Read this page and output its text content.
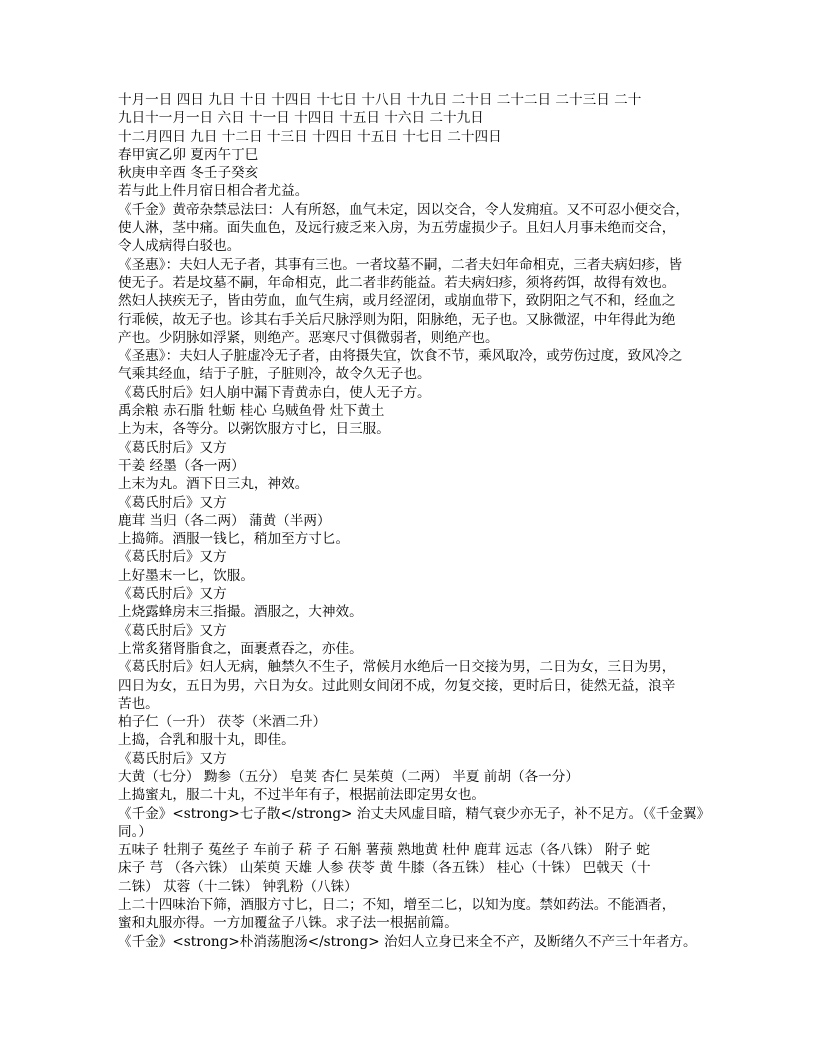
十月一日 四日 九日 十日 十四日 十七日 十八日 十九日 二十日 二十二日 二十三日 二十
九日十一月一日 六日 十一日 十四日 十五日 十六日 二十九日
十二月四日 九日 十二日 十三日 十四日 十五日 十七日 二十四日
春甲寅乙卯 夏丙午丁巳
秋庚申辛酉 冬壬子癸亥
若与此上件月宿日相合者尤益。
《千金》黄帝杂禁忌法曰：人有所怒，血气未定，因以交合，令人发痈疽。又不可忍小便交合，
使人淋，茎中痛。面失血色，及远行疲乏来入房，为五劳虚损少子。且妇人月事未绝而交合，
令人成病得白驳也。
《圣惠》：夫妇人无子者，其事有三也。一者坟墓不嗣，二者夫妇年命相克，三者夫病妇疹，皆
使无子。若是坟墓不嗣，年命相克，此二者非药能益。若夫病妇疹，须将药饵，故得有效也。
然妇人挟疾无子，皆由劳血，血气生病，或月经涩闭，或崩血带下，致阴阳之气不和，经血之
行乖候，故无子也。诊其右手关后尺脉浮则为阳，阳脉绝，无子也。又脉微涩，中年得此为绝
产也。少阴脉如浮紧，则绝产。恶寒尺寸俱微弱者，则绝产也。
《圣惠》：夫妇人子脏虚冷无子者，由将摄失宜，饮食不节，乘风取冷，或劳伤过度，致风冷之
气乘其经血，结于子脏，子脏则冷，故令久无子也。
《葛氏肘后》妇人崩中漏下青黄赤白，使人无子方。
禹余粮 赤石脂 牡蛎 桂心 乌贼鱼骨 灶下黄土
上为末，各等分。以粥饮服方寸匕，日三服。
《葛氏肘后》又方
干姜 经墨（各一两）
上末为丸。酒下日三丸，神效。
《葛氏肘后》又方
鹿茸 当归（各二两） 蒲黄（半两）
上捣筛。酒服一钱匕，稍加至方寸匕。
《葛氏肘后》又方
上好墨末一匕，饮服。
《葛氏肘后》又方
上烧露蜂房末三指撮。酒服之，大神效。
《葛氏肘后》又方
上常炙猪肾脂食之，面裹煮吞之，亦佳。
《葛氏肘后》妇人无病，触禁久不生子，常候月水绝后一日交接为男，二日为女，三日为男，
四日为女，五日为男，六日为女。过此则女间闭不成，勿复交接，更时后日，徒然无益，浪辛
苦也。
柏子仁（一升） 茯苓（米酒二升）
上捣，合乳和服十丸，即佳。
《葛氏肘后》又方
大黄（七分） 黝参（五分） 皂荚 杏仁 吴茱萸（二两） 半夏 前胡（各一分）
上捣蜜丸，服二十丸，不过半年有子，根据前法即定男女也。
《千金》<strong>七子散</strong> 治丈夫风虚目暗，精气衰少亦无子，补不足方。（《千金翼》
同。）
五味子 牡荆子 菟丝子 车前子 菥 子 石斛 薯蓣 熟地黄 杜仲 鹿茸 远志（各八铢） 附子 蛇
床子 芎 （各六铢） 山茱萸 天雄 人参 茯苓 黄 牛膝（各五铢） 桂心（十铢） 巴戟天（十
二铢） 苁蓉（十二铢） 钟乳粉（八铢）
上二十四味治下筛，酒服方寸匕，日二；不知，增至二匕，以知为度。禁如药法。不能酒者，
蜜和丸服亦得。一方加覆盆子八铢。求子法一根据前篇。
《千金》<strong>朴消荡胞汤</strong> 治妇人立身已来全不产，及断绪久不产三十年者方。
